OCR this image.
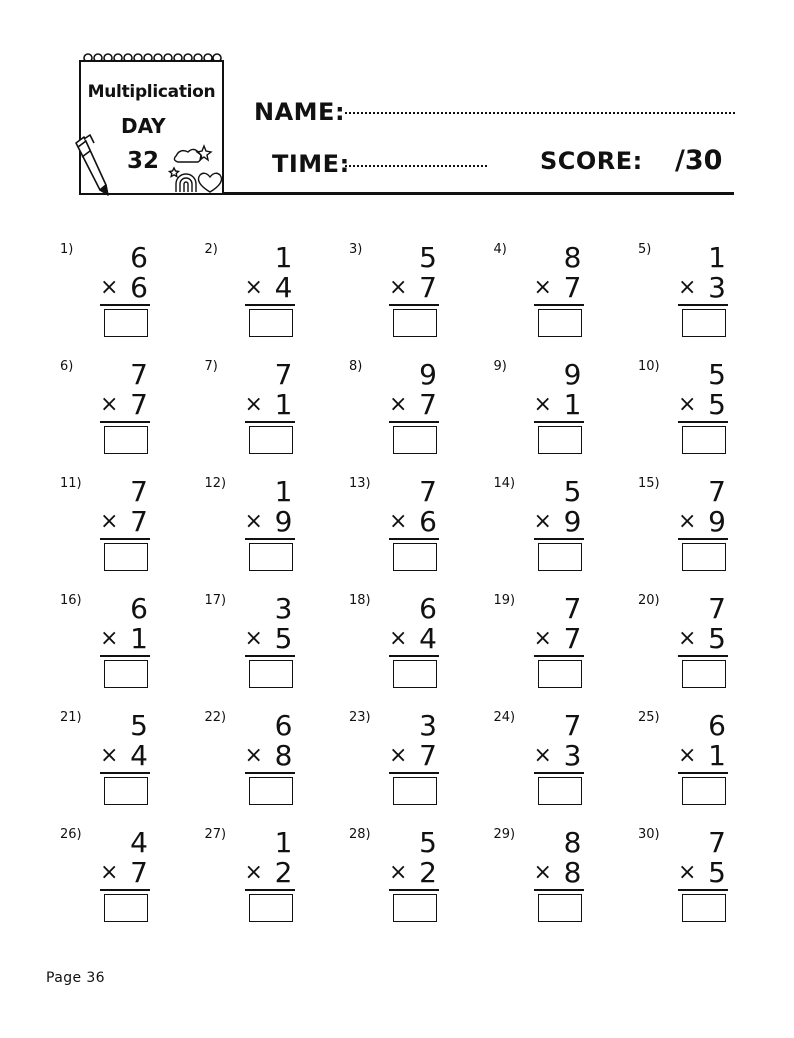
Multiplication
DAY
32
NAME:
TIME:	SCORE: /30
1) 6
× 6
2) 1
× 4
3) 5
× 7
4) 8
× 7
5) 1
× 3
6) 7
× 7
7) 7
× 1
8) 9
× 7
9) 9
× 1
10) 5
× 5
11) 7
× 7
12) 1
× 9
13) 7
× 6
14) 5
× 9
15) 7
× 9
16) 6
× 1
17) 3
× 5
18) 6
× 4
19) 7
× 7
20) 7
× 5
21) 5
× 4
22) 6
× 8
23) 3
× 7
24) 7
× 3
25) 6
× 1
26) 4
× 7
27) 1
× 2
28) 5
× 2
29) 8
× 8
30) 7
× 5
Page 36
